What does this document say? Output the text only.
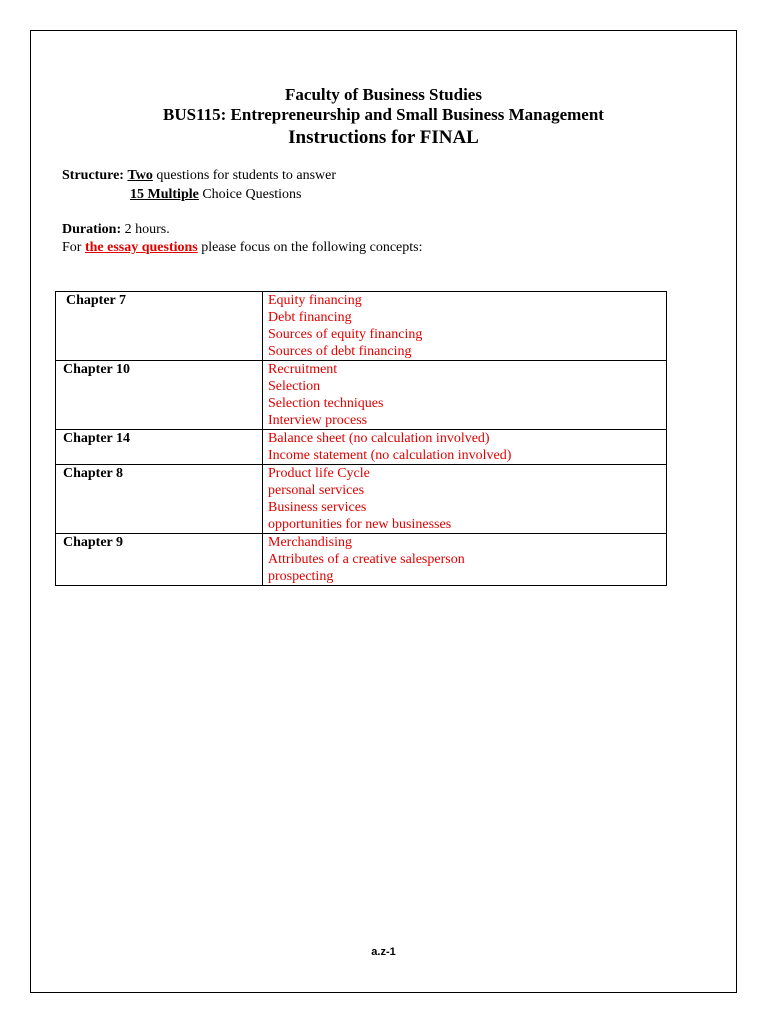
Faculty of Business Studies
BUS115: Entrepreneurship and Small Business Management
Instructions for FINAL
Structure: Two questions for students to answer
15 Multiple Choice Questions
Duration: 2 hours.
For the essay questions please focus on the following concepts:
Chapter 7	Equity financing
Debt financing
Sources of equity financing
Sources of debt financing

Chapter 10	Recruitment
Selection
Selection techniques
Interview process

Chapter 14	Balance sheet (no calculation involved)
Income statement (no calculation involved)

Chapter 8	Product life Cycle
personal services
Business services
opportunities for new businesses

Chapter 9	Merchandising
Attributes of a creative salesperson
prospecting
a.z-1
